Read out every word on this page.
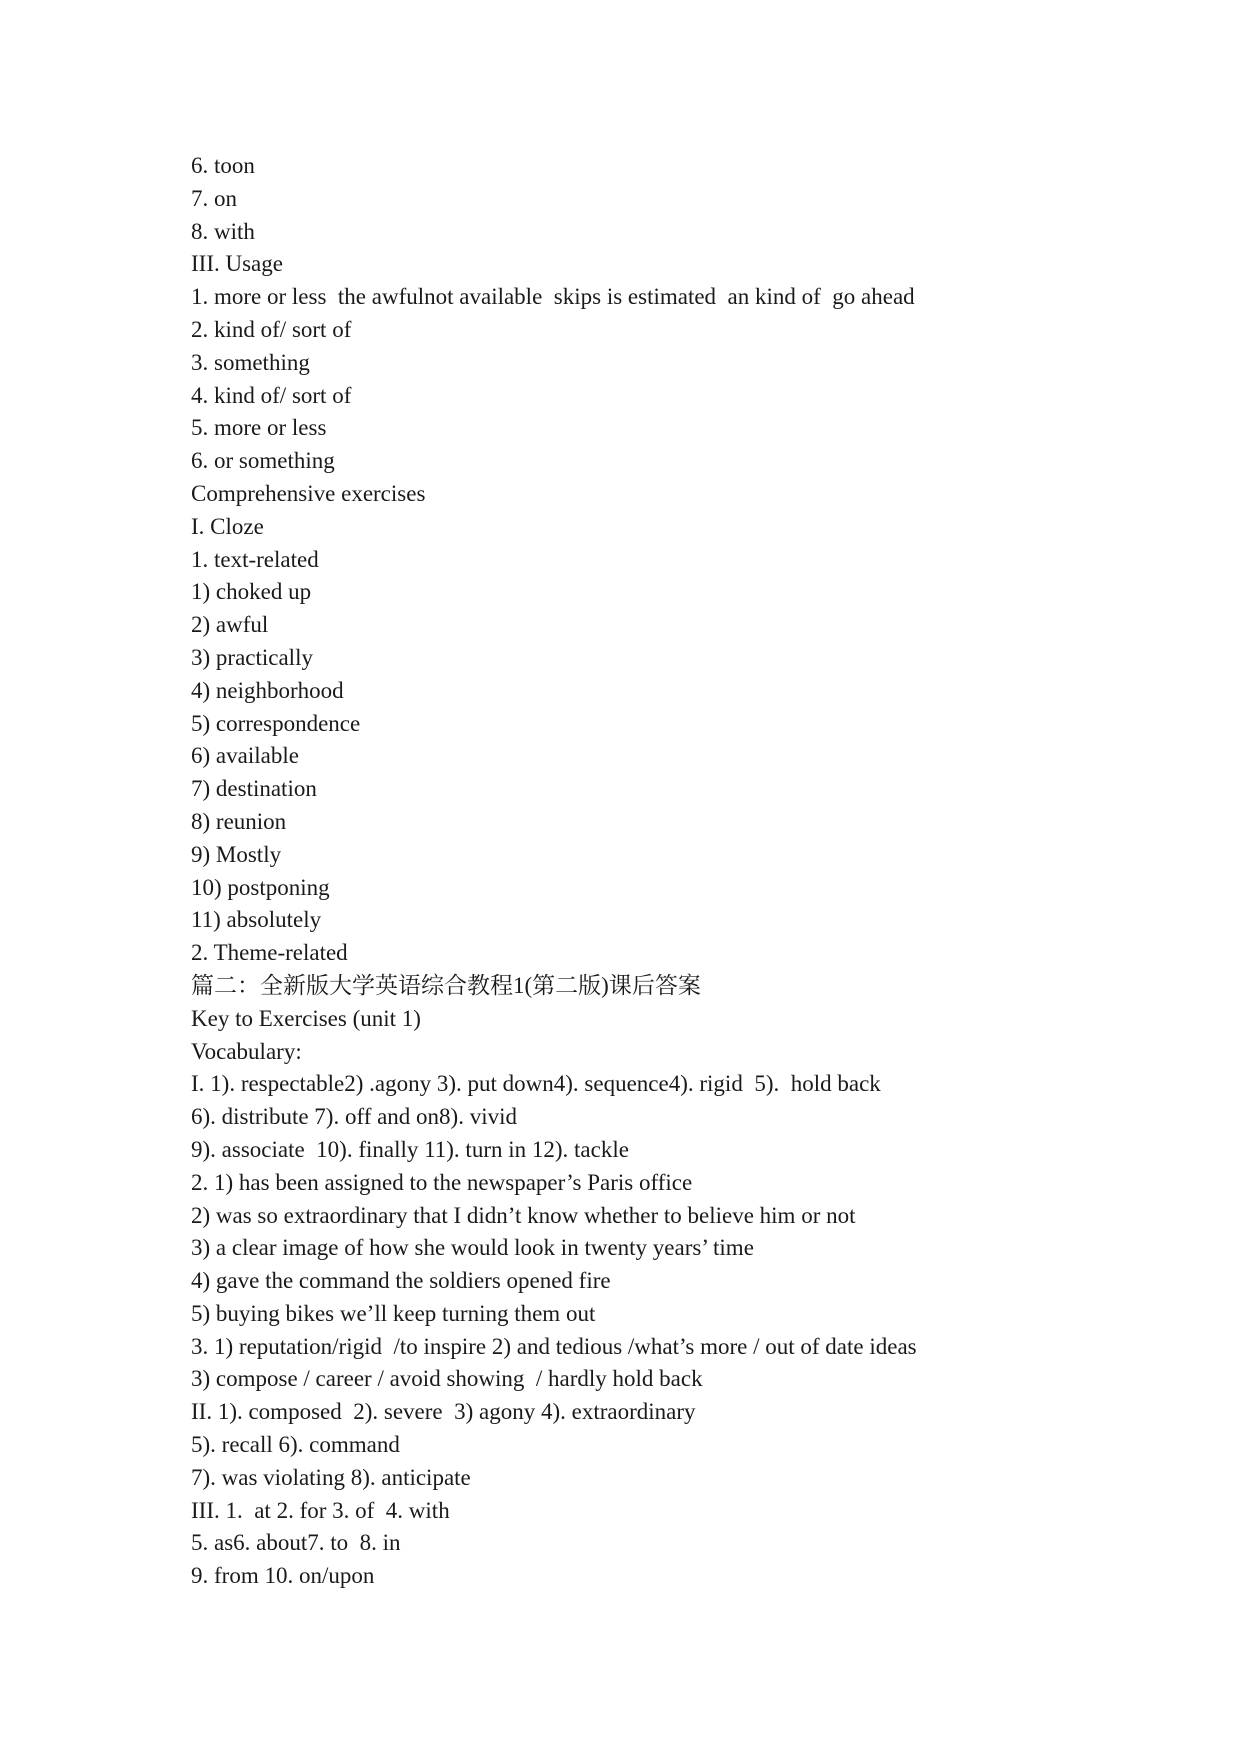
6. toon
7. on
8. with
III. Usage
1. more or less  the awfulnot available  skips is estimated  an kind of  go ahead
2. kind of/ sort of
3. something
4. kind of/ sort of
5. more or less
6. or something
Comprehensive exercises
I. Cloze
1. text-related
1) choked up
2) awful
3) practically
4) neighborhood
5) correspondence
6) available
7) destination
8) reunion
9) Mostly
10) postponing
11) absolutely
2. Theme-related
篇二：全新版大学英语综合教程1(第二版)课后答案
Key to Exercises (unit 1)
Vocabulary:
I. 1). respectable2) .agony 3). put down4). sequence4). rigid  5).  hold back
6). distribute 7). off and on8). vivid
9). associate  10). finally 11). turn in 12). tackle
2. 1) has been assigned to the newspaper’s Paris office
2) was so extraordinary that I didn’t know whether to believe him or not
3) a clear image of how she would look in twenty years’ time
4) gave the command the soldiers opened fire
5) buying bikes we’ll keep turning them out
3. 1) reputation/rigid  /to inspire 2) and tedious /what’s more / out of date ideas
3) compose / career / avoid showing  / hardly hold back
II. 1). composed  2). severe  3) agony 4). extraordinary
5). recall 6). command
7). was violating 8). anticipate
III. 1.  at 2. for 3. of  4. with
5. as6. about7. to  8. in
9. from 10. on/upon
